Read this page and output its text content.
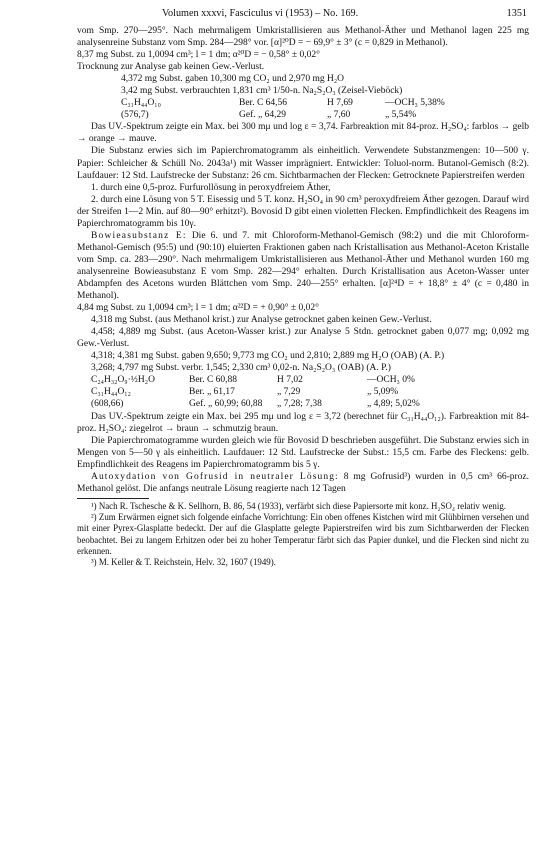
Volumen xxxvi, Fasciculus vi (1953) – No. 169.	1351

vom Smp. 270—295°. Nach mehrmaligem Umkristallisieren aus Methanol-Äther und Methanol lagen 225 mg analysenreine Substanz vom Smp. 284—298° vor. [α]²⁰D = − 69,9° ± 3° (c = 0,829 in Methanol).

8,37 mg Subst. zu 1,0094 cm³; l = 1 dm; α²⁰D = − 0,58° ± 0,02°

Trocknung zur Analyse gab keinen Gew.-Verlust.

4,372 mg Subst. gaben 10,300 mg CO₂ und 2,970 mg H₂O

3,42 mg Subst. verbrauchten 1,831 cm³ 1/50-n. Na₂S₂O₃ (Zeisel-Vieböck)

C₃₁H₄₄O₁₀	Ber. C 64,56	H 7,69	—OCH₃ 5,38%
(576,7)	Gef. „ 64,29	„ 7,60	„ 5,54%

Das UV.-Spektrum zeigte ein Max. bei 300 mμ und log ε = 3,74. Farbreaktion mit 84-proz. H₂SO₄: farblos → gelb → orange → mauve.

Die Substanz erwies sich im Papierchromatogramm als einheitlich. Verwendete Substanzmengen: 10—500 γ. Papier: Schleicher & Schüll No. 2043a¹) mit Wasser imprägniert. Entwickler: Toluol-norm. Butanol-Gemisch (8:2). Laufdauer: 12 Std. Laufstrecke der Substanz: 26 cm. Sichtbarmachen der Flecken: Getrocknete Papierstreifen werden

1. durch eine 0,5-proz. Furfurollösung in peroxydfreiem Äther,

2. durch eine Lösung von 5 T. Eisessig und 5 T. konz. H₂SO₄ in 90 cm³ peroxydfreiem Äther gezogen. Darauf wird der Streifen 1—2 Min. auf 80—90° erhitzt²). Bovosid D gibt einen violetten Flecken. Empfindlichkeit des Reagens im Papierchromatogramm bis 10γ.

Bowieasubstanz E: Die 6. und 7. mit Chloroform-Methanol-Gemisch (98:2) und die mit Chloroform-Methanol-Gemisch (95:5) und (90:10) eluierten Fraktionen gaben nach Kristallisation aus Methanol-Aceton Kristalle vom Smp. ca. 283—290°. Nach mehrmaligem Umkristallisieren aus Methanol-Äther und Methanol wurden 160 mg analysenreine Bowieasubstanz E vom Smp. 282—294° erhalten. Durch Kristallisation aus Aceton-Wasser unter Abdampfen des Acetons wurden Blättchen vom Smp. 240—255° erhalten. [α]²⁴D = + 18,8° ± 4° (c = 0,480 in Methanol).

4,84 mg Subst. zu 1,0094 cm³; l = 1 dm; α²²D = + 0,90° ± 0,02°

4,318 mg Subst. (aus Methanol krist.) zur Analyse getrocknet gaben keinen Gew.-Verlust.

4,458; 4,889 mg Subst. (aus Aceton-Wasser krist.) zur Analyse 5 Stdn. getrocknet gaben 0,077 mg; 0,092 mg Gew.-Verlust.

4,318; 4,381 mg Subst. gaben 9,650; 9,773 mg CO₂ und 2,810; 2,889 mg H₂O (OAB) (A. P.)

3,268; 4,797 mg Subst. verbr. 1,545; 2,330 cm³ 0,02-n. Na₂S₂O₃ (OAB) (A. P.)

C₂₄H₃₂O₉·½H₂O	Ber. C 60,88	H 7,02	—OCH₃ 0%
C₃₁H₄₄O₁₂	Ber. „ 61,17	„ 7,29	„ 5,09%
(608,66)	Gef. „ 60,99; 60,88	„ 7,28; 7,38	„ 4,89; 5,02%

Das UV.-Spektrum zeigte ein Max. bei 295 mμ und log ε = 3,72 (berechnet für C₃₁H₄₄O₁₂). Farbreaktion mit 84-proz. H₂SO₄: ziegelrot → braun → schmutzig braun.

Die Papierchromatogramme wurden gleich wie für Bovosid D beschrieben ausgeführt. Die Substanz erwies sich in Mengen von 5—50 γ als einheitlich. Laufdauer: 12 Std. Laufstrecke der Subst.: 15,5 cm. Farbe des Fleckens: gelb. Empfindlichkeit des Reagens im Papierchromatogramm bis 5 γ.

Autoxydation von Gofrusid in neutraler Lösung: 8 mg Gofrusid³) wurden in 0,5 cm³ 66-proz. Methanol gelöst. Die anfangs neutrale Lösung reagierte nach 12 Tagen

¹) Nach R. Tschesche & K. Sellhorn, B. 86, 54 (1933), verfärbt sich diese Papiersorte mit konz. H₂SO₄ relativ wenig.

²) Zum Erwärmen eignet sich folgende einfache Vorrichtung: Ein oben offenes Kistchen wird mit Glühbirnen versehen und mit einer Pyrex-Glasplatte bedeckt. Der auf die Glasplatte gelegte Papierstreifen wird bis zum Sichtbarwerden der Flecken beobachtet. Bei zu langem Erhitzen oder bei zu hoher Temperatur färbt sich das Papier dunkel, und die Flecken sind nicht zu erkennen.

³) M. Keller & T. Reichstein, Helv. 32, 1607 (1949).
